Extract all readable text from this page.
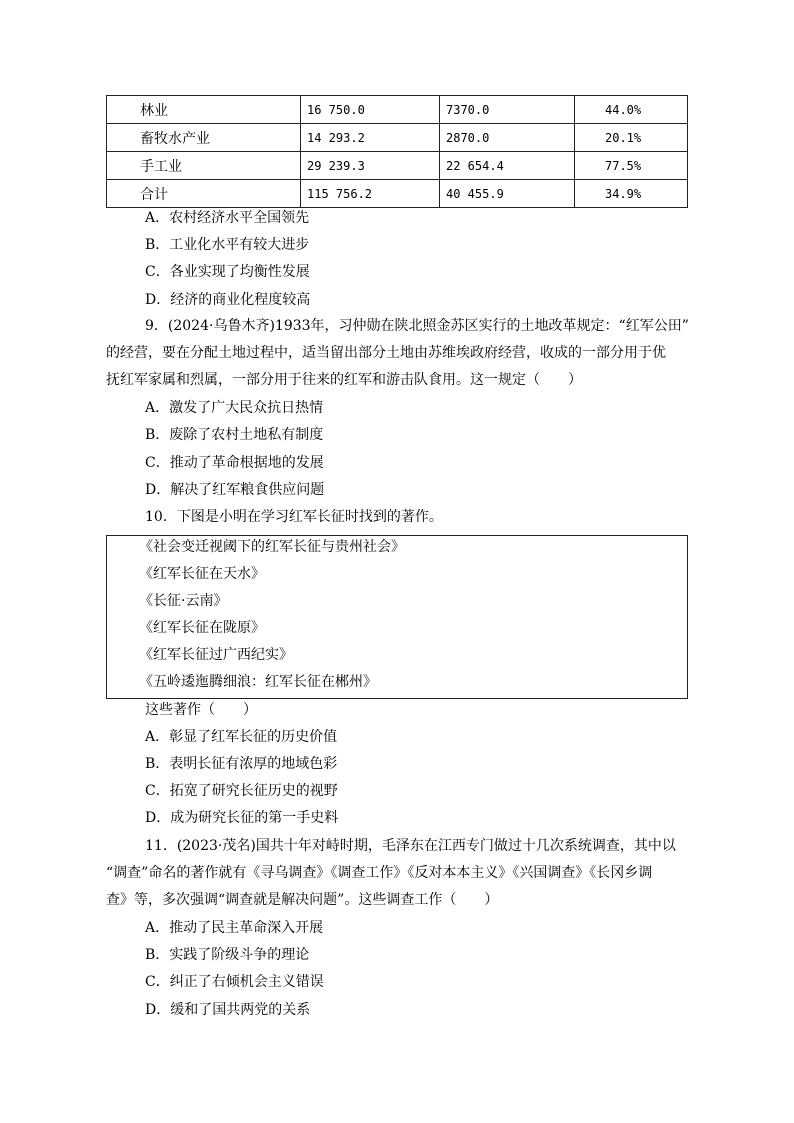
林业	16 750.0	7370.0	44.0%
畜牧水产业	14 293.2	2870.0	20.1%
手工业	29 239.3	22 654.4	77.5%
合计	115 756.2	40 455.9	34.9%
A．农村经济水平全国领先
B．工业化水平有较大进步
C．各业实现了均衡性发展
D．经济的商业化程度较高
9．(2024·乌鲁木齐)1933年，习仲勋在陕北照金苏区实行的土地改革规定：“红军公田”
的经营，要在分配土地过程中，适当留出部分土地由苏维埃政府经营，收成的一部分用于优
抚红军家属和烈属，一部分用于往来的红军和游击队食用。这一规定（　　）
A．激发了广大民众抗日热情
B．废除了农村土地私有制度
C．推动了革命根据地的发展
D．解决了红军粮食供应问题
10．下图是小明在学习红军长征时找到的著作。
《社会变迁视阈下的红军长征与贵州社会》
《红军长征在天水》
《长征·云南》
《红军长征在陇原》
《红军长征过广西纪实》
《五岭逶迤腾细浪：红军长征在郴州》
这些著作（　　）
A．彰显了红军长征的历史价值
B．表明长征有浓厚的地域色彩
C．拓宽了研究长征历史的视野
D．成为研究长征的第一手史料
11．(2023·茂名)国共十年对峙时期，毛泽东在江西专门做过十几次系统调查，其中以
“调查”命名的著作就有《寻乌调查》《调查工作》《反对本本主义》《兴国调查》《长冈乡调
查》等，多次强调“调查就是解决问题”。这些调查工作（　　）
A．推动了民主革命深入开展
B．实践了阶级斗争的理论
C．纠正了右倾机会主义错误
D．缓和了国共两党的关系
